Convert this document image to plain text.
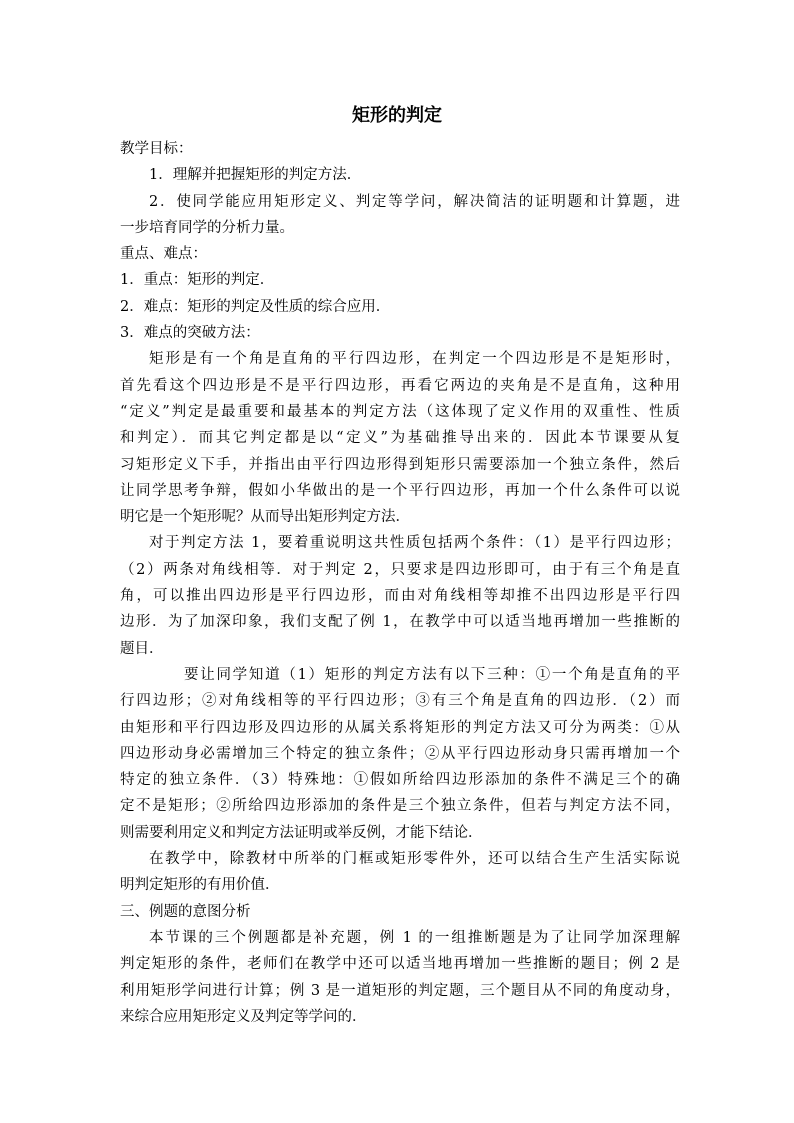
矩形的判定
教学目标：
1．理解并把握矩形的判定方法．
2．使同学能应用矩形定义、判定等学问，解决简洁的证明题和计算题，进
一步培育同学的分析力量。
重点、难点：
1．重点：矩形的判定．
2．难点：矩形的判定及性质的综合应用．
3．难点的突破方法：
矩形是有一个角是直角的平行四边形，在判定一个四边形是不是矩形时，
首先看这个四边形是不是平行四边形，再看它两边的夹角是不是直角，这种用
“定义”判定是最重要和最基本的判定方法（这体现了定义作用的双重性、性质
和判定）．而其它判定都是以“定义”为基础推导出来的．因此本节课要从复
习矩形定义下手，并指出由平行四边形得到矩形只需要添加一个独立条件，然后
让同学思考争辩，假如小华做出的是一个平行四边形，再加一个什么条件可以说
明它是一个矩形呢？从而导出矩形判定方法．
对于判定方法 1，要着重说明这共性质包括两个条件：（1）是平行四边形；
（2）两条对角线相等．对于判定 2，只要求是四边形即可，由于有三个角是直
角，可以推出四边形是平行四边形，而由对角线相等却推不出四边形是平行四
边形．为了加深印象，我们支配了例 1，在教学中可以适当地再增加一些推断的
题目．
要让同学知道（1）矩形的判定方法有以下三种：①一个角是直角的平
行四边形；②对角线相等的平行四边形；③有三个角是直角的四边形．（2）而
由矩形和平行四边形及四边形的从属关系将矩形的判定方法又可分为两类：①从
四边形动身必需增加三个特定的独立条件；②从平行四边形动身只需再增加一个
特定的独立条件．（3）特殊地：①假如所给四边形添加的条件不满足三个的确
定不是矩形；②所给四边形添加的条件是三个独立条件，但若与判定方法不同，
则需要利用定义和判定方法证明或举反例，才能下结论．
在教学中，除教材中所举的门框或矩形零件外，还可以结合生产生活实际说
明判定矩形的有用价值．
三、例题的意图分析
本节课的三个例题都是补充题，例 1 的一组推断题是为了让同学加深理解
判定矩形的条件，老师们在教学中还可以适当地再增加一些推断的题目；例 2 是
利用矩形学问进行计算；例 3 是一道矩形的判定题，三个题目从不同的角度动身，
来综合应用矩形定义及判定等学问的．
